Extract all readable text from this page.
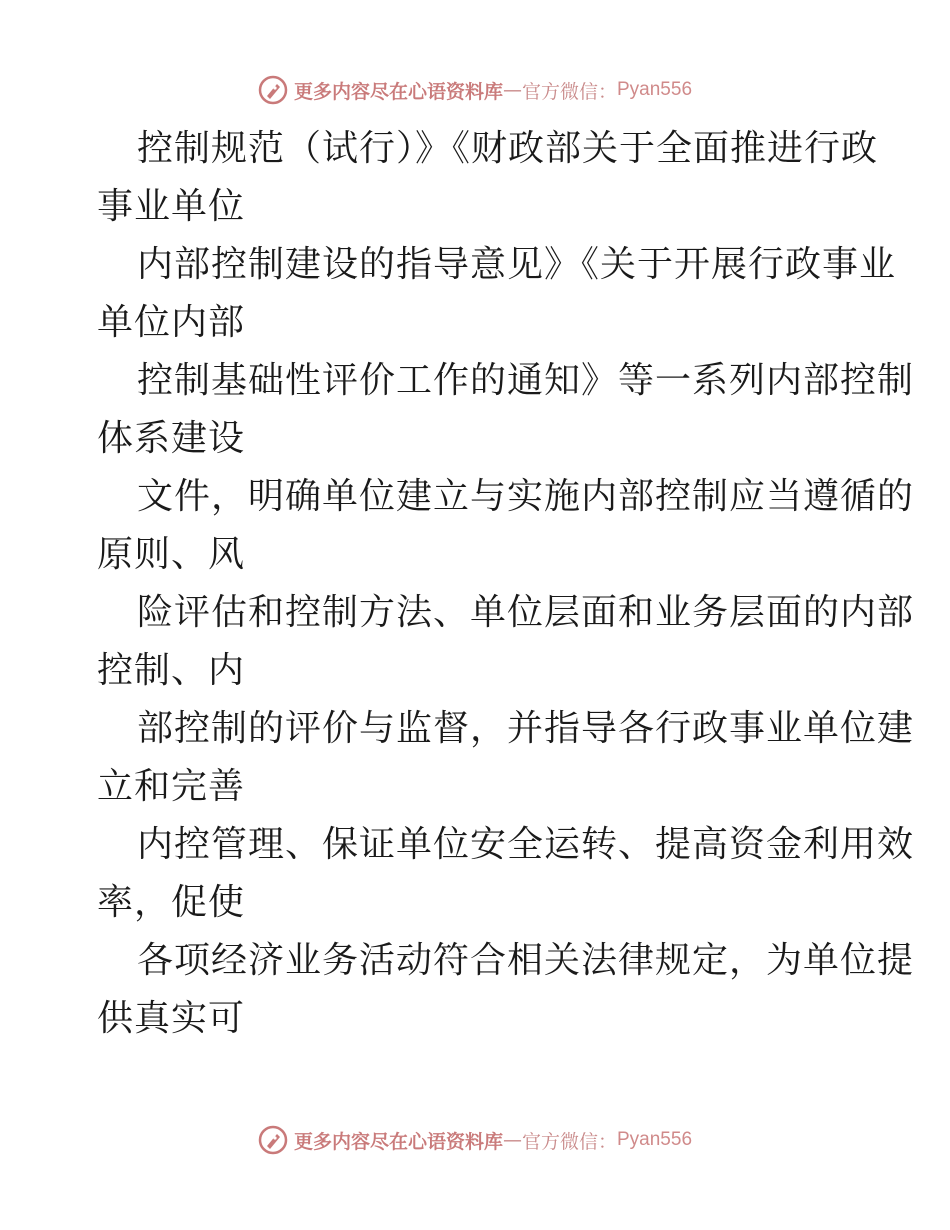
更多内容尽在心语资料库 — 官方微信： Pyan556

控制规范（试行）》《财政部关于全面推进行政

事业单位

内部控制建设的指导意见》《关于开展行政事业

单位内部

控制基础性评价工作的通知》等一系列内部控制

体系建设

文件，明确单位建立与实施内部控制应当遵循的

原则、风

险评估和控制方法、单位层面和业务层面的内部

控制、内

部控制的评价与监督，并指导各行政事业单位建

立和完善

内控管理、保证单位安全运转、提高资金利用效

率，促使

各项经济业务活动符合相关法律规定，为单位提

供真实可

更多内容尽在心语资料库 — 官方微信： Pyan556
